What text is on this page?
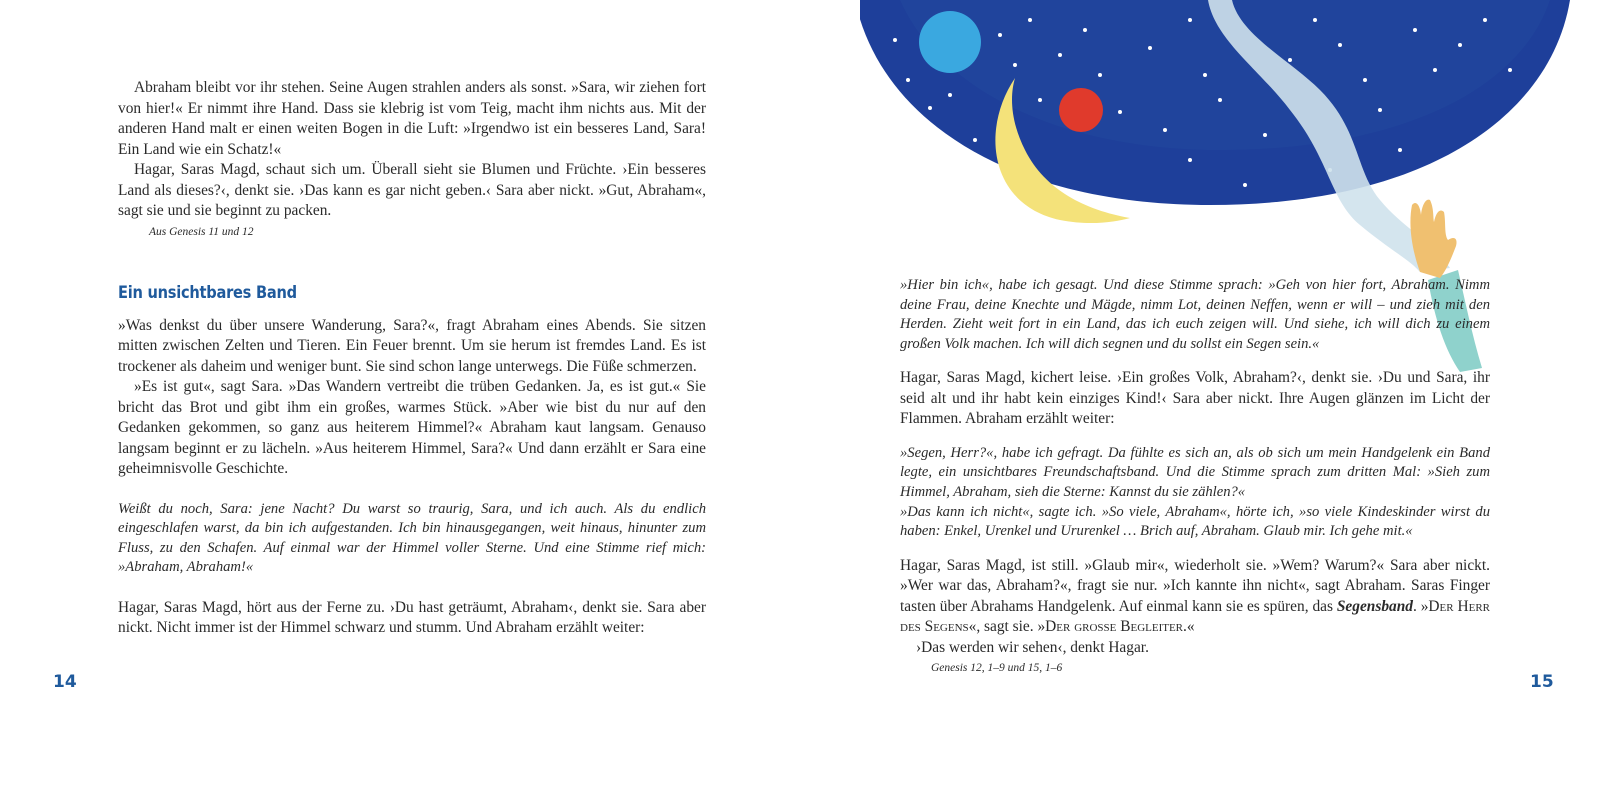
Abraham bleibt vor ihr stehen. Seine Augen strahlen anders als sonst. »Sara, wir ziehen fort von hier!« Er nimmt ihre Hand. Dass sie klebrig ist vom Teig, macht ihm nichts aus. Mit der anderen Hand malt er einen weiten Bogen in die Luft: »Irgendwo ist ein besseres Land, Sara! Ein Land wie ein Schatz!«

Hagar, Saras Magd, schaut sich um. Überall sieht sie Blumen und Früchte. ›Ein besseres Land als dieses?‹, denkt sie. ›Das kann es gar nicht geben.‹ Sara aber nickt. »Gut, Abraham«, sagt sie und sie beginnt zu packen.

Aus Genesis 11 und 12

Ein unsichtbares Band

»Was denkst du über unsere Wanderung, Sara?«, fragt Abraham eines Abends. Sie sitzen mitten zwischen Zelten und Tieren. Ein Feuer brennt. Um sie herum ist fremdes Land. Es ist trockener als daheim und weniger bunt. Sie sind schon lange unterwegs. Die Füße schmerzen.

»Es ist gut«, sagt Sara. »Das Wandern vertreibt die trüben Gedanken. Ja, es ist gut.« Sie bricht das Brot und gibt ihm ein großes, warmes Stück. »Aber wie bist du nur auf den Gedanken gekommen, so ganz aus heiterem Himmel?« Abraham kaut langsam. Genauso langsam beginnt er zu lächeln. »Aus heiterem Himmel, Sara?« Und dann erzählt er Sara eine geheimnisvolle Geschichte.

Weißt du noch, Sara: jene Nacht? Du warst so traurig, Sara, und ich auch. Als du endlich eingeschlafen warst, da bin ich aufgestanden. Ich bin hinausgegangen, weit hinaus, hinunter zum Fluss, zu den Schafen. Auf einmal war der Himmel voller Sterne. Und eine Stimme rief mich: »Abraham, Abraham!«

Hagar, Saras Magd, hört aus der Ferne zu. ›Du hast geträumt, Abraham‹, denkt sie. Sara aber nickt. Nicht immer ist der Himmel schwarz und stumm. Und Abraham erzählt weiter:

14

»Hier bin ich«, habe ich gesagt. Und diese Stimme sprach: »Geh von hier fort, Abraham. Nimm deine Frau, deine Knechte und Mägde, nimm Lot, deinen Neffen, wenn er will – und zieh mit den Herden. Zieht weit fort in ein Land, das ich euch zeigen will. Und siehe, ich will dich zu einem großen Volk machen. Ich will dich segnen und du sollst ein Segen sein.«

Hagar, Saras Magd, kichert leise. ›Ein großes Volk, Abraham?‹, denkt sie. ›Du und Sara, ihr seid alt und ihr habt kein einziges Kind!‹ Sara aber nickt. Ihre Augen glänzen im Licht der Flammen. Abraham erzählt weiter:

»Segen, Herr?«, habe ich gefragt. Da fühlte es sich an, als ob sich um mein Handgelenk ein Band legte, ein unsichtbares Freundschaftsband. Und die Stimme sprach zum dritten Mal: »Sieh zum Himmel, Abraham, sieh die Sterne: Kannst du sie zählen?«

»Das kann ich nicht«, sagte ich. »So viele, Abraham«, hörte ich, »so viele Kindeskinder wirst du haben: Enkel, Urenkel und Ururenkel … Brich auf, Abraham. Glaub mir. Ich gehe mit.«

Hagar, Saras Magd, ist still. »Glaub mir«, wiederholt sie. »Wem? Warum?« Sara aber nickt. »Wer war das, Abraham?«, fragt sie nur. »Ich kannte ihn nicht«, sagt Abraham. Saras Finger tasten über Abrahams Handgelenk. Auf einmal kann sie es spüren, das Segensband. »Der Herr des Segens«, sagt sie. »Der grosse Begleiter.«

›Das werden wir sehen‹, denkt Hagar.

Genesis 12, 1–9 und 15, 1–6

15
